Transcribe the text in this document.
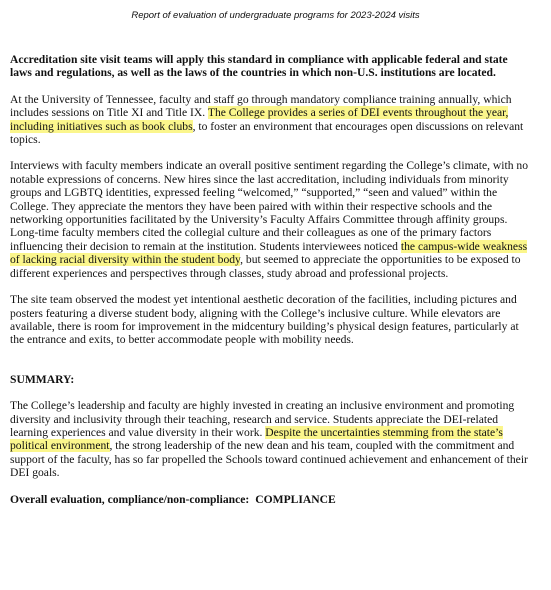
Report of evaluation of undergraduate programs for 2023-2024 visits

Accreditation site visit teams will apply this standard in compliance with applicable federal and state laws and regulations, as well as the laws of the countries in which non-U.S. institutions are located.

At the University of Tennessee, faculty and staff go through mandatory compliance training annually, which includes sessions on Title XI and Title IX. The College provides a series of DEI events throughout the year, including initiatives such as book clubs, to foster an environment that encourages open discussions on relevant topics.

Interviews with faculty members indicate an overall positive sentiment regarding the College’s climate, with no notable expressions of concerns. New hires since the last accreditation, including individuals from minority groups and LGBTQ identities, expressed feeling “welcomed,” “supported,” “seen and valued” within the College. They appreciate the mentors they have been paired with within their respective schools and the networking opportunities facilitated by the University’s Faculty Affairs Committee through affinity groups. Long-time faculty members cited the collegial culture and their colleagues as one of the primary factors influencing their decision to remain at the institution. Students interviewees noticed the campus-wide weakness of lacking racial diversity within the student body, but seemed to appreciate the opportunities to be exposed to different experiences and perspectives through classes, study abroad and professional projects.

The site team observed the modest yet intentional aesthetic decoration of the facilities, including pictures and posters featuring a diverse student body, aligning with the College’s inclusive culture. While elevators are available, there is room for improvement in the midcentury building’s physical design features, particularly at the entrance and exits, to better accommodate people with mobility needs.

SUMMARY:

The College’s leadership and faculty are highly invested in creating an inclusive environment and promoting diversity and inclusivity through their teaching, research and service. Students appreciate the DEI-related learning experiences and value diversity in their work. Despite the uncertainties stemming from the state’s political environment, the strong leadership of the new dean and his team, coupled with the commitment and support of the faculty, has so far propelled the Schools toward continued achievement and enhancement of their DEI goals.

Overall evaluation, compliance/non-compliance: COMPLIANCE
